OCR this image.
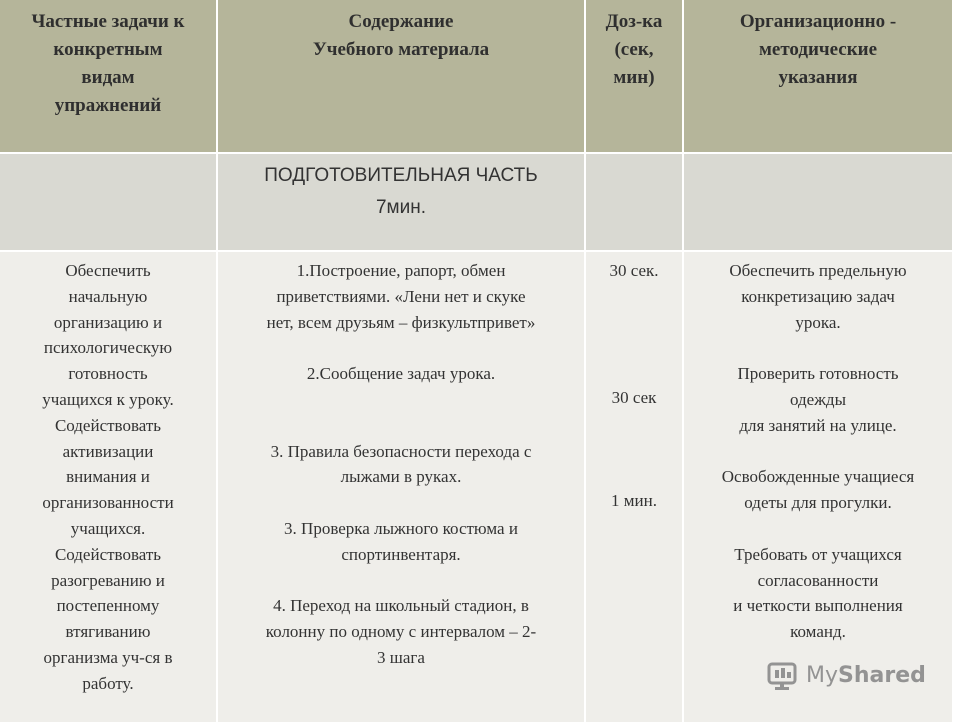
Частные задачи к
конкретным
видам
упражнений
Содержание
Учебного материала
Доз-ка
(сек,
мин)
Организационно -
методические
указания
ПОДГОТОВИТЕЛЬНАЯ ЧАСТЬ
7мин.
Обеспечить
начальную
организацию и
психологическую
готовность
учащихся к уроку.
Содействовать
активизации
внимания и
организованности
учащихся.
Содействовать
разогреванию и
постепенному
втягиванию
организма уч-ся в
работу.
1.Построение, рапорт, обмен
приветствиями. «Лени нет и скуке
нет, всем друзьям – физкультпривет»
2.Сообщение задач урока.
3. Правила безопасности перехода с
лыжами в руках.
3. Проверка лыжного костюма и
спортинвентаря.
4. Переход на школьный стадион, в
колонну по одному с интервалом – 2-
3 шага
30 сек.
30 сек
1 мин.
Обеспечить предельную
конкретизацию задач
урока.
Проверить готовность
одежды
для занятий на улице.
Освобожденные учащиеся
одеты для прогулки.
Требовать от учащихся
согласованности
и четкости выполнения
команд.
MyShared
